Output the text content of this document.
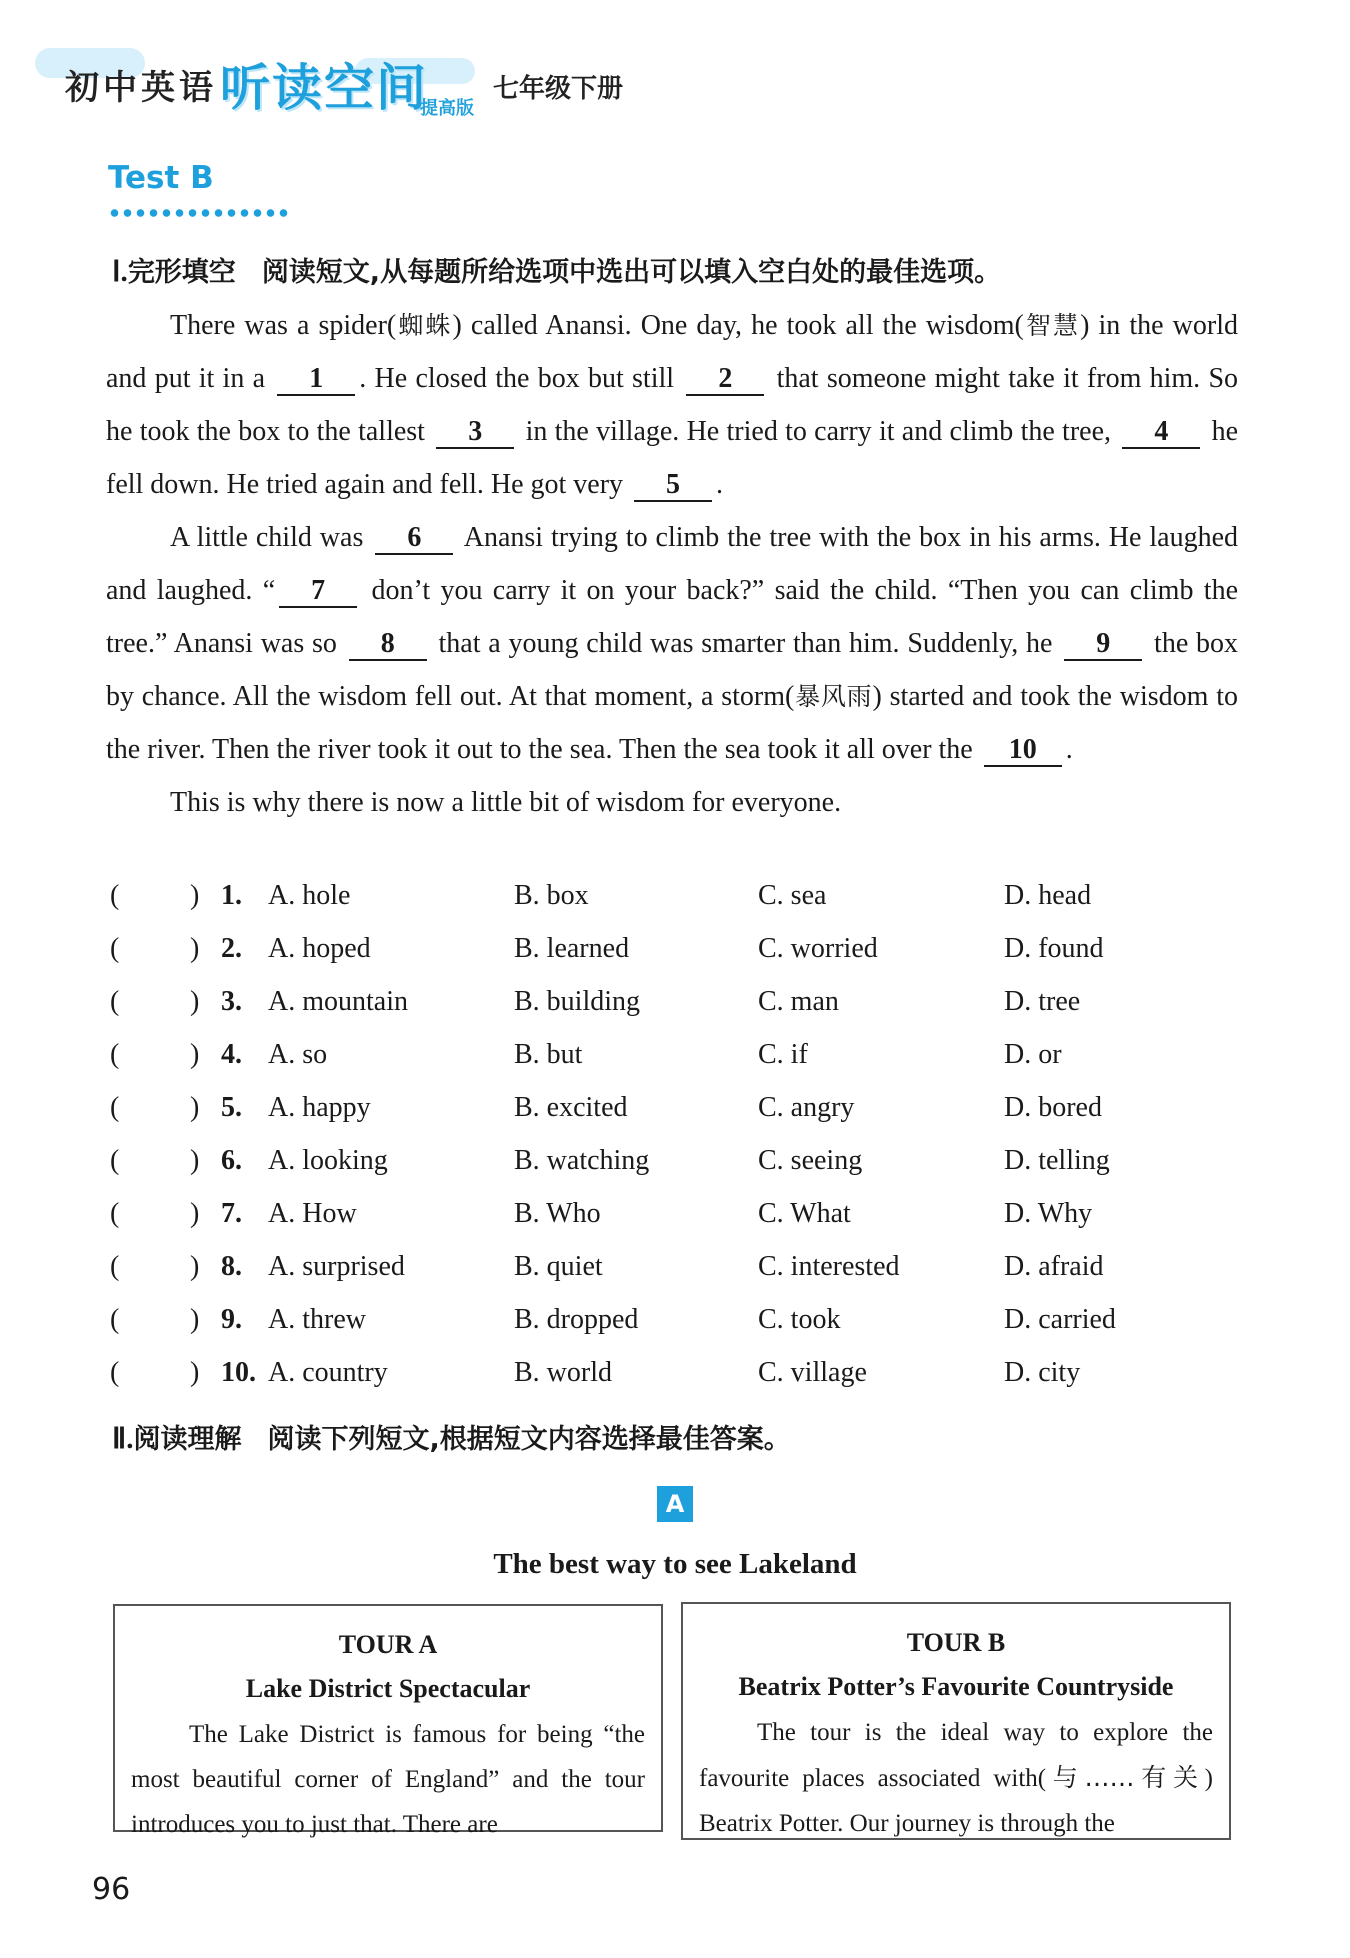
初中英语 听读空间
提高版
七年级下册
Test B
Ⅰ.完形填空 阅读短文,从每题所给选项中选出可以填入空白处的最佳选项。

There was a spider(蜘蛛) called Anansi. One day, he took all the wisdom(智慧) in the world and put it in a 1 . He closed the box but still 2 that someone might take it from him. So he took the box to the tallest 3 in the village. He tried to carry it and climb the tree, 4 he fell down. He tried again and fell. He got very 5 .

A little child was 6 Anansi trying to climb the tree with the box in his arms. He laughed and laughed. “ 7 don’t you carry it on your back?” said the child. “Then you can climb the tree.” Anansi was so 8 that a young child was smarter than him. Suddenly, he 9 the box by chance. All the wisdom fell out. At that moment, a storm(暴风雨) started and took the wisdom to the river. Then the river took it out to the sea. Then the sea took it all over the 10 .

This is why there is now a little bit of wisdom for everyone.

(	) 1. A. hole	B. box	C. sea	D. head
(	) 2. A. hoped	B. learned	C. worried	D. found
(	) 3. A. mountain	B. building	C. man	D. tree
(	) 4. A. so	B. but	C. if	D. or
(	) 5. A. happy	B. excited	C. angry	D. bored
(	) 6. A. looking	B. watching	C. seeing	D. telling
(	) 7. A. How	B. Who	C. What	D. Why
(	) 8. A. surprised	B. quiet	C. interested	D. afraid
(	) 9. A. threw	B. dropped	C. took	D. carried
(	) 10. A. country	B. world	C. village	D. city
Ⅱ.阅读理解 阅读下列短文,根据短文内容选择最佳答案。
A
The best way to see Lakeland
TOUR A
Lake District Spectacular

The Lake District is famous for being “the most beautiful corner of England” and the tour introduces you to just that. There are

TOUR B
Beatrix Potter’s Favourite Countryside

The tour is the ideal way to explore the favourite places associated with(与……有关) Beatrix Potter. Our journey is through the

96
